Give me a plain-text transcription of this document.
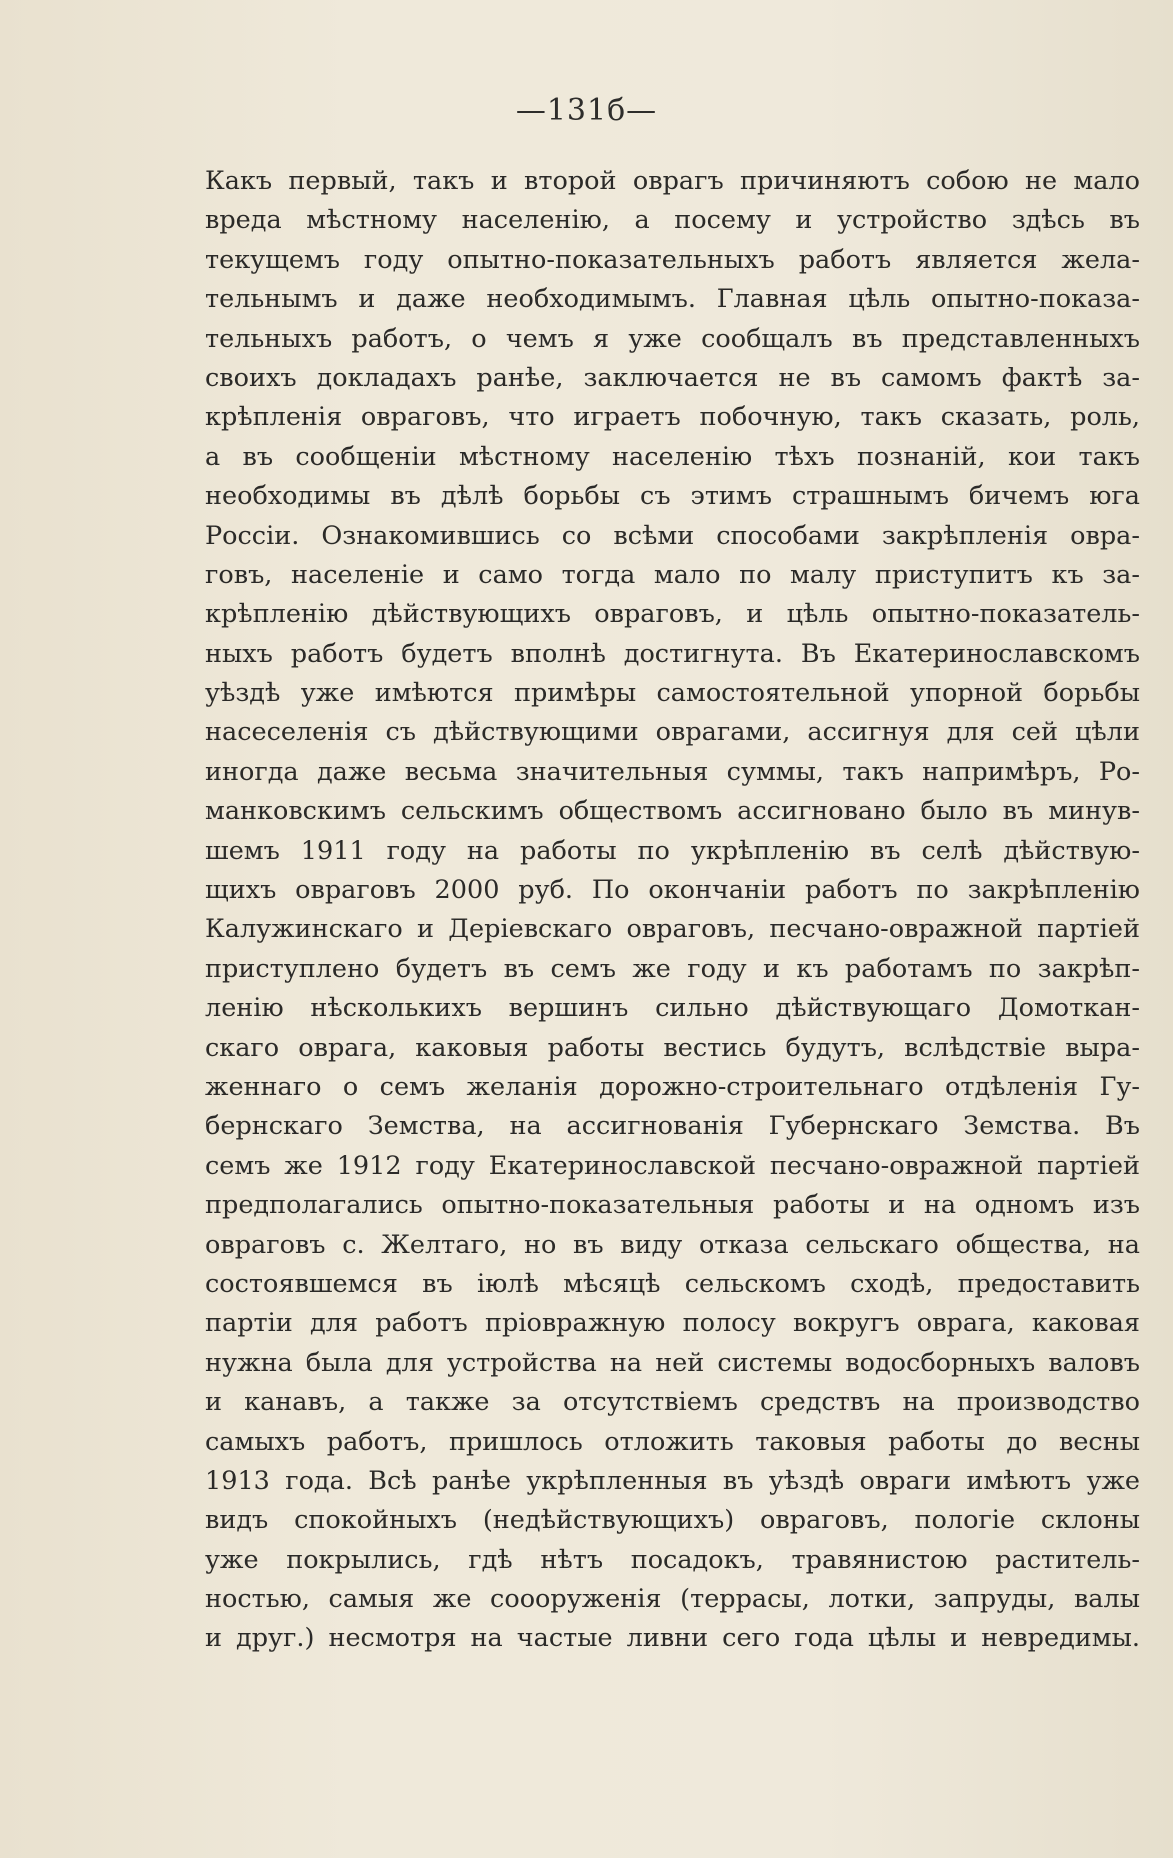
—131б—
Какъ первый, такъ и второй оврагъ причиняютъ собою не мало
вреда мѣстному населенію, а посему и устройство здѣсь въ
текущемъ году опытно-показательныхъ работъ является жела-
тельнымъ и даже необходимымъ. Главная цѣль опытно-показа-
тельныхъ работъ, о чемъ я уже сообщалъ въ представленныхъ
своихъ докладахъ ранѣе, заключается не въ самомъ фактѣ за-
крѣпленія овраговъ, что играетъ побочную, такъ сказать, роль,
а въ сообщеніи мѣстному населенію тѣхъ познаній, кои такъ
необходимы въ дѣлѣ борьбы съ этимъ страшнымъ бичемъ юга
Россіи. Ознакомившись со всѣми способами закрѣпленія овра-
говъ, населеніе и само тогда мало по малу приступитъ къ за-
крѣпленію дѣйствующихъ овраговъ, и цѣль опытно-показатель-
ныхъ работъ будетъ вполнѣ достигнута. Въ Екатеринославскомъ
уѣздѣ уже имѣются примѣры самостоятельной упорной борьбы
насеселенія съ дѣйствующими оврагами, ассигнуя для сей цѣли
иногда даже весьма значительныя суммы, такъ напримѣръ, Ро-
манковскимъ сельскимъ обществомъ ассигновано было въ минув-
шемъ 1911 году на работы по укрѣпленію въ селѣ дѣйствую-
щихъ овраговъ 2000 руб. По окончаніи работъ по закрѣпленію
Калужинскаго и Деріевскаго овраговъ, песчано-овражной партіей
приступлено будетъ въ семъ же году и къ работамъ по закрѣп-
ленію нѣсколькихъ вершинъ сильно дѣйствующаго Домоткан-
скаго оврага, каковыя работы вестись будутъ, вслѣдствіе выра-
женнаго о семъ желанія дорожно-строительнаго отдѣленія Гу-
бернскаго Земства, на ассигнованія Губернскаго Земства. Въ
семъ же 1912 году Екатеринославской песчано-овражной партіей
предполагались опытно-показательныя работы и на одномъ изъ
овраговъ с. Желтаго, но въ виду отказа сельскаго общества, на
состоявшемся въ іюлѣ мѣсяцѣ сельскомъ сходѣ, предоставить
партіи для работъ пріовражную полосу вокругъ оврага, каковая
нужна была для устройства на ней системы водосборныхъ валовъ
и канавъ, а также за отсутствіемъ средствъ на производство
самыхъ работъ, пришлось отложить таковыя работы до весны
1913 года. Всѣ ранѣе укрѣпленныя въ уѣздѣ овраги имѣютъ уже
видъ спокойныхъ (недѣйствующихъ) овраговъ, пологіе склоны
уже покрылись, гдѣ нѣтъ посадокъ, травянистою раститель-
ностью, самыя же соооруженія (террасы, лотки, запруды, валы
и друг.) несмотря на частые ливни сего года цѣлы и невредимы.
